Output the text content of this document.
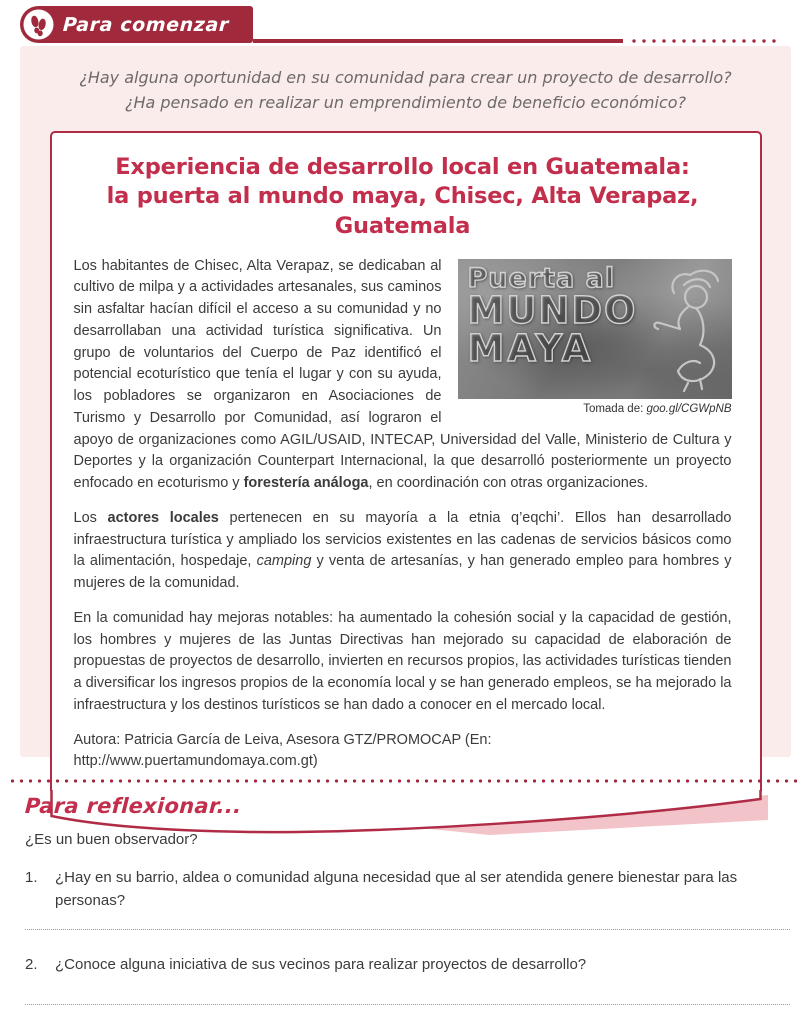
Para comenzar

¿Hay alguna oportunidad en su comunidad para crear un proyecto de desarrollo?
¿Ha pensado en realizar un emprendimiento de beneficio económico?

Experiencia de desarrollo local en Guatemala:
la puerta al mundo maya, Chisec, Alta Verapaz, Guatemala
Puerta al
MUNDO
MAYA
Tomada de: goo.gl/CGWpNB

Los habitantes de Chisec, Alta Verapaz, se dedicaban al cultivo de milpa y a actividades artesanales, sus caminos sin asfaltar hacían difícil el acceso a su comunidad y no desarrollaban una actividad turística significativa. Un grupo de voluntarios del Cuerpo de Paz identificó el potencial ecoturístico que tenía el lugar y con su ayuda, los pobladores se organizaron en Asociaciones de Turismo y Desarrollo por Comunidad, así lograron el apoyo de organizaciones como AGIL/USAID, INTECAP, Universidad del Valle, Ministerio de Cultura y Deportes y la organización Counterpart Internacional, la que desarrolló posteriormente un proyecto enfocado en ecoturismo y forestería análoga, en coordinación con otras organizaciones.

Los actores locales pertenecen en su mayoría a la etnia q’eqchi’. Ellos han desarrollado infraestructura turística y ampliado los servicios existentes en las cadenas de servicios básicos como la alimentación, hospedaje, camping y venta de artesanías, y han generado empleo para hombres y mujeres de la comunidad.

En la comunidad hay mejoras notables: ha aumentado la cohesión social y la capacidad de gestión, los hombres y mujeres de las Juntas Directivas han mejorado su capacidad de elaboración de propuestas de proyectos de desarrollo, invierten en recursos propios, las actividades turísticas tienden a diversificar los ingresos propios de la economía local y se han generado empleos, se ha mejorado la infraestructura y los destinos turísticos se han dado a conocer en el mercado local.

Autora: Patricia García de Leiva, Asesora GTZ/PROMOCAP (En: http://www.puertamundomaya.com.gt)

Para reflexionar...

¿Es un buen observador?

1.	¿Hay en su barrio, aldea o comunidad alguna necesidad que al ser atendida genere bienestar para las personas?
2.	¿Conoce alguna iniciativa de sus vecinos para realizar proyectos de desarrollo?
